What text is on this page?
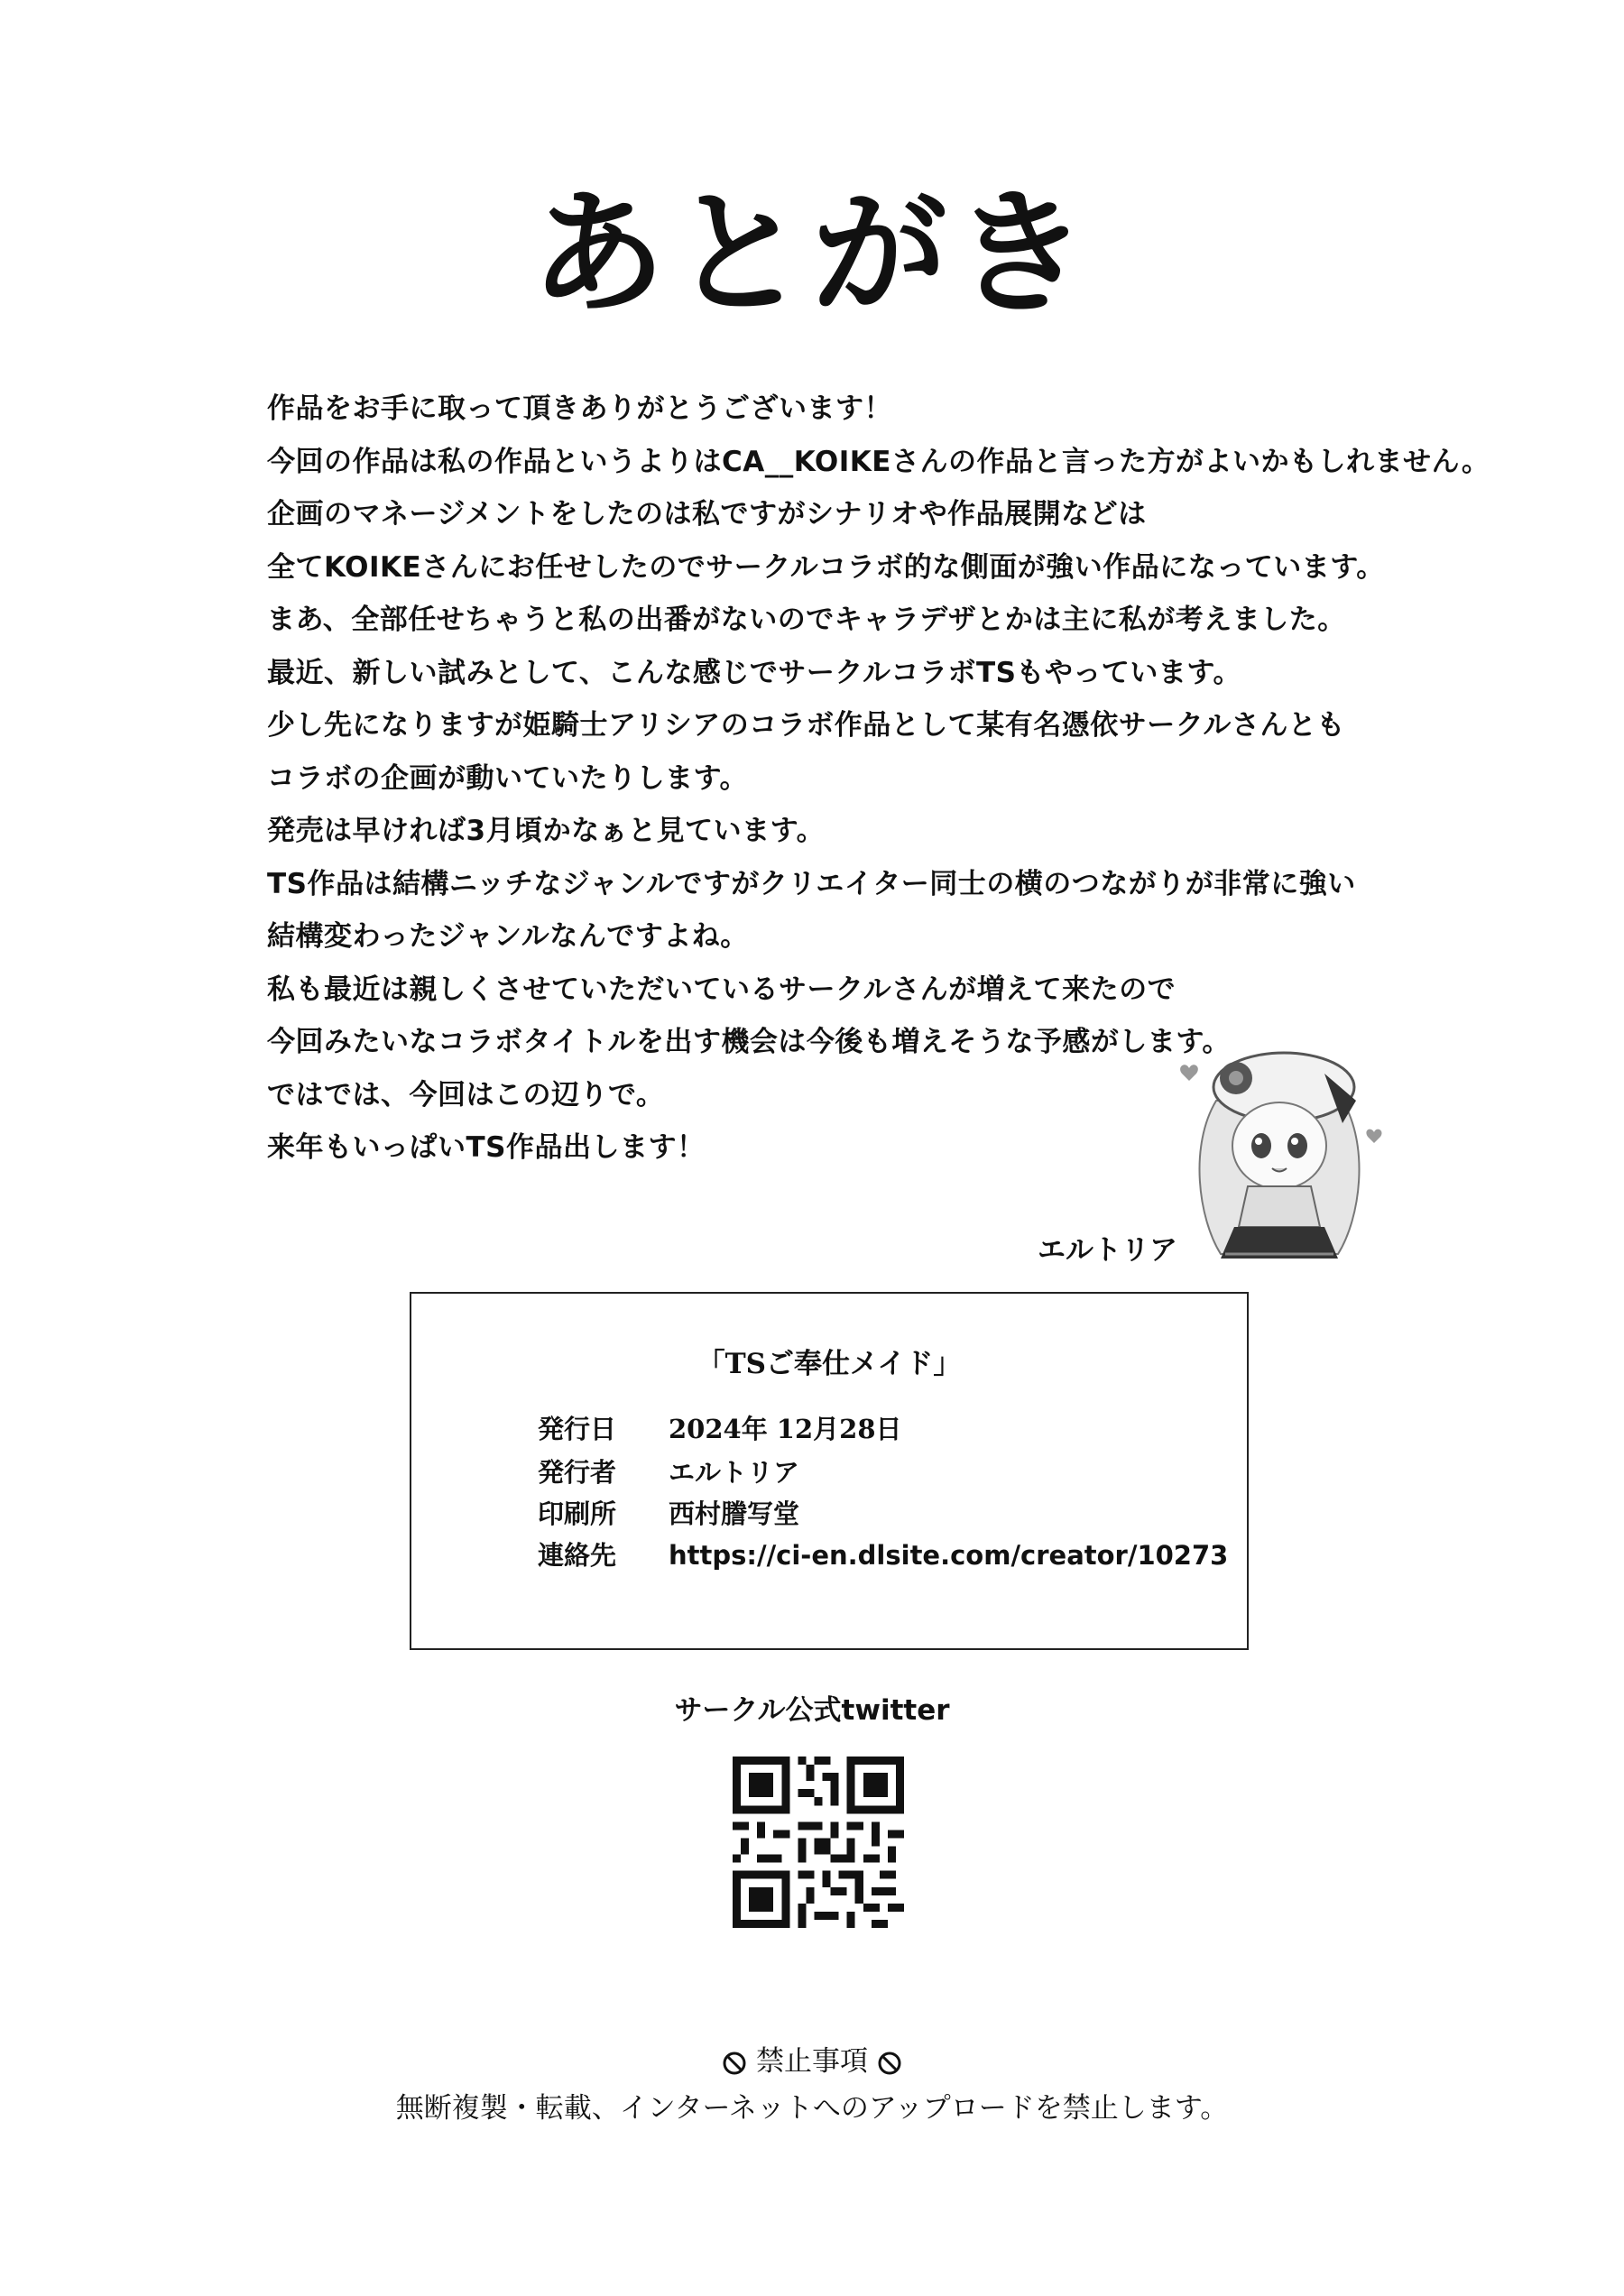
あとがき
作品をお手に取って頂きありがとうございます！
今回の作品は私の作品というよりはCA__KOIKEさんの作品と言った方がよいかもしれません。
企画のマネージメントをしたのは私ですがシナリオや作品展開などは
全てKOIKEさんにお任せしたのでサークルコラボ的な側面が強い作品になっています。
まあ、全部任せちゃうと私の出番がないのでキャラデザとかは主に私が考えました。
最近、新しい試みとして、こんな感じでサークルコラボTSもやっています。
少し先になりますが姫騎士アリシアのコラボ作品として某有名憑依サークルさんとも
コラボの企画が動いていたりします。
発売は早ければ3月頃かなぁと見ています。
TS作品は結構ニッチなジャンルですがクリエイター同士の横のつながりが非常に強い
結構変わったジャンルなんですよね。
私も最近は親しくさせていただいているサークルさんが増えて来たので
今回みたいなコラボタイトルを出す機会は今後も増えそうな予感がします。
ではでは、今回はこの辺りで。
来年もいっぱいTS作品出します！
エルトリア
「TSご奉仕メイド」
発行日 2024年 12月28日
発行者 エルトリア
印刷所 西村謄写堂
連絡先 https://ci-en.dlsite.com/creator/10273
サークル公式twitter
禁止事項
無断複製・転載、インターネットへのアップロードを禁止します。
